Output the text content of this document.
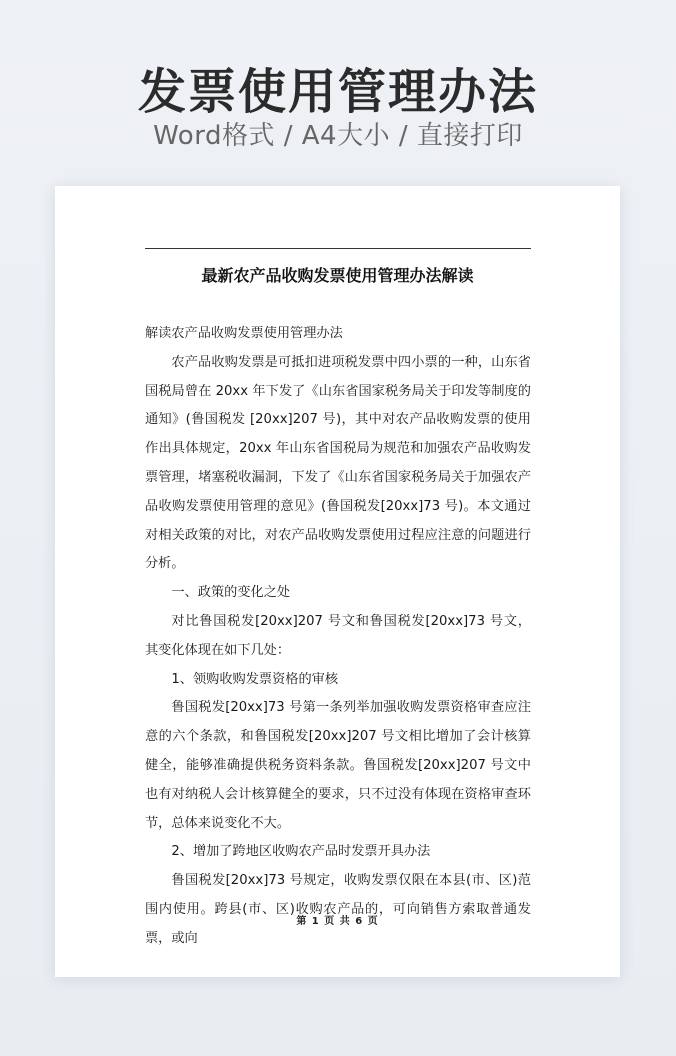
发票使用管理办法
Word格式 / A4大小 / 直接打印
最新农产品收购发票使用管理办法解读

解读农产品收购发票使用管理办法

农产品收购发票是可抵扣进项税发票中四小票的一种，山东省国税局曾在 20xx 年下发了《山东省国家税务局关于印发等制度的通知》(鲁国税发 [20xx]207 号)，其中对农产品收购发票的使用作出具体规定，20xx 年山东省国税局为规范和加强农产品收购发票管理，堵塞税收漏洞，下发了《山东省国家税务局关于加强农产品收购发票使用管理的意见》(鲁国税发[20xx]73 号)。本文通过对相关政策的对比，对农产品收购发票使用过程应注意的问题进行分析。

一、政策的变化之处

对比鲁国税发[20xx]207 号文和鲁国税发[20xx]73 号文，其变化体现在如下几处：

1、领购收购发票资格的审核

鲁国税发[20xx]73 号第一条列举加强收购发票资格审查应注意的六个条款，和鲁国税发[20xx]207 号文相比增加了会计核算健全，能够准确提供税务资料条款。鲁国税发[20xx]207 号文中也有对纳税人会计核算健全的要求，只不过没有体现在资格审查环节，总体来说变化不大。

2、增加了跨地区收购农产品时发票开具办法

鲁国税发[20xx]73 号规定，收购发票仅限在本县(市、区)范围内使用。跨县(市、区)收购农产品的，可向销售方索取普通发票，或向

第 1 页 共 6 页
